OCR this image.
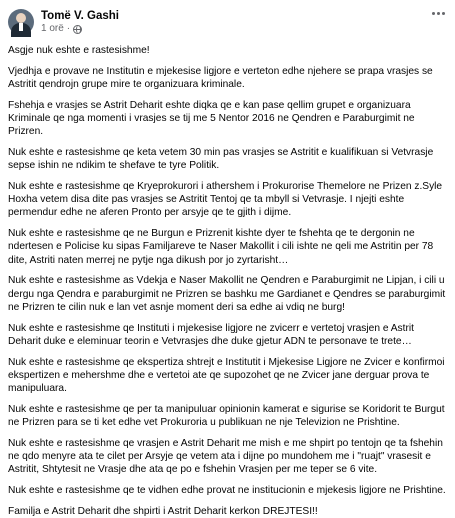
Tomë V. Gashi
1 orë ·

Asgje nuk eshte e rastesishme!

Vjedhja e provave ne Institutin e mjekesise ligjore e verteton edhe njehere se prapa vrasjes se Astritit qendrojn grupe mire te organizuara kriminale.

Fshehja e vrasjes se Astrit Deharit eshte diqka qe e kan pase qellim grupet e organizuara Kriminale qe nga momenti i vrasjes se tij me 5 Nentor 2016 ne Qendren e Paraburgimit ne Prizren.

Nuk eshte e rastesishme qe keta vetem 30 min pas vrasjes se Astritit e kualifikuan si Vetvrasje sepse ishin ne ndikim te shefave te tyre Politik.

Nuk eshte e rastesishme qe Kryeprokurori i athershem i Prokurorise Themelore ne Prizen z.Syle Hoxha vetem disa dite pas vrasjes se Astritit Tentoj qe ta mbyll si Vetvrasje. I njejti eshte permendur edhe ne aferen Pronto per arsyje qe te gjith i dijme.

Nuk eshte e rastesishme qe ne Burgun e Prizrenit kishte dyer te fshehta qe te dergonin ne ndertesen e Policise ku sipas Familjareve te Naser Makollit i cili ishte ne qeli me Astritin per 78 dite, Astriti naten merrej ne pytje nga dikush por jo zyrtarisht…

Nuk eshte e rastesishme as Vdekja e Naser Makollit ne Qendren e Paraburgimit ne Lipjan, i cili u dergu nga Qendra e paraburgimit ne Prizren se bashku me Gardianet e Qendres se paraburgimit ne Prizren te cilin nuk e lan vet asnje moment deri sa edhe ai vdiq ne burg!

Nuk eshte e rastesishme qe Instituti i mjekesise ligjore ne zvicerr e vertetoj vrasjen e Astrit Deharit duke e eleminuar teorin e Vetvrasjes dhe duke gjetur ADN te personave te trete…

Nuk eshte e rastesishme qe ekspertiza shtrejt e Institutit i Mjekesise Ligjore ne Zvicer e konfirmoi ekspertizen e mehershme dhe e vertetoi ate qe supozohet qe ne Zvicer jane derguar prova te manipuluara.

Nuk eshte e rastesishme qe per ta manipuluar opinionin kamerat e sigurise se Koridorit te Burgut ne Prizren para se ti ket edhe vet Prokuroria u publikuan ne nje Televizion ne Prishtine.

Nuk eshte e rastesishme qe vrasjen e Astrit Deharit me mish e me shpirt po tentojn qe ta fshehin ne qdo menyre ata te cilet per Arsyje qe vetem ata i dijne po mundohem me i "ruajt" vrasesit e Astritit, Shtytesit ne Vrasje dhe ata qe po e fshehin Vrasjen per me teper se 6 vite.

Nuk eshte e rastesishme qe te vidhen edhe provat ne institucionin e mjekesis ligjore ne Prishtine.

Familja e Astrit Deharit dhe shpirti i Astrit Deharit kerkon DREJTESI!!
